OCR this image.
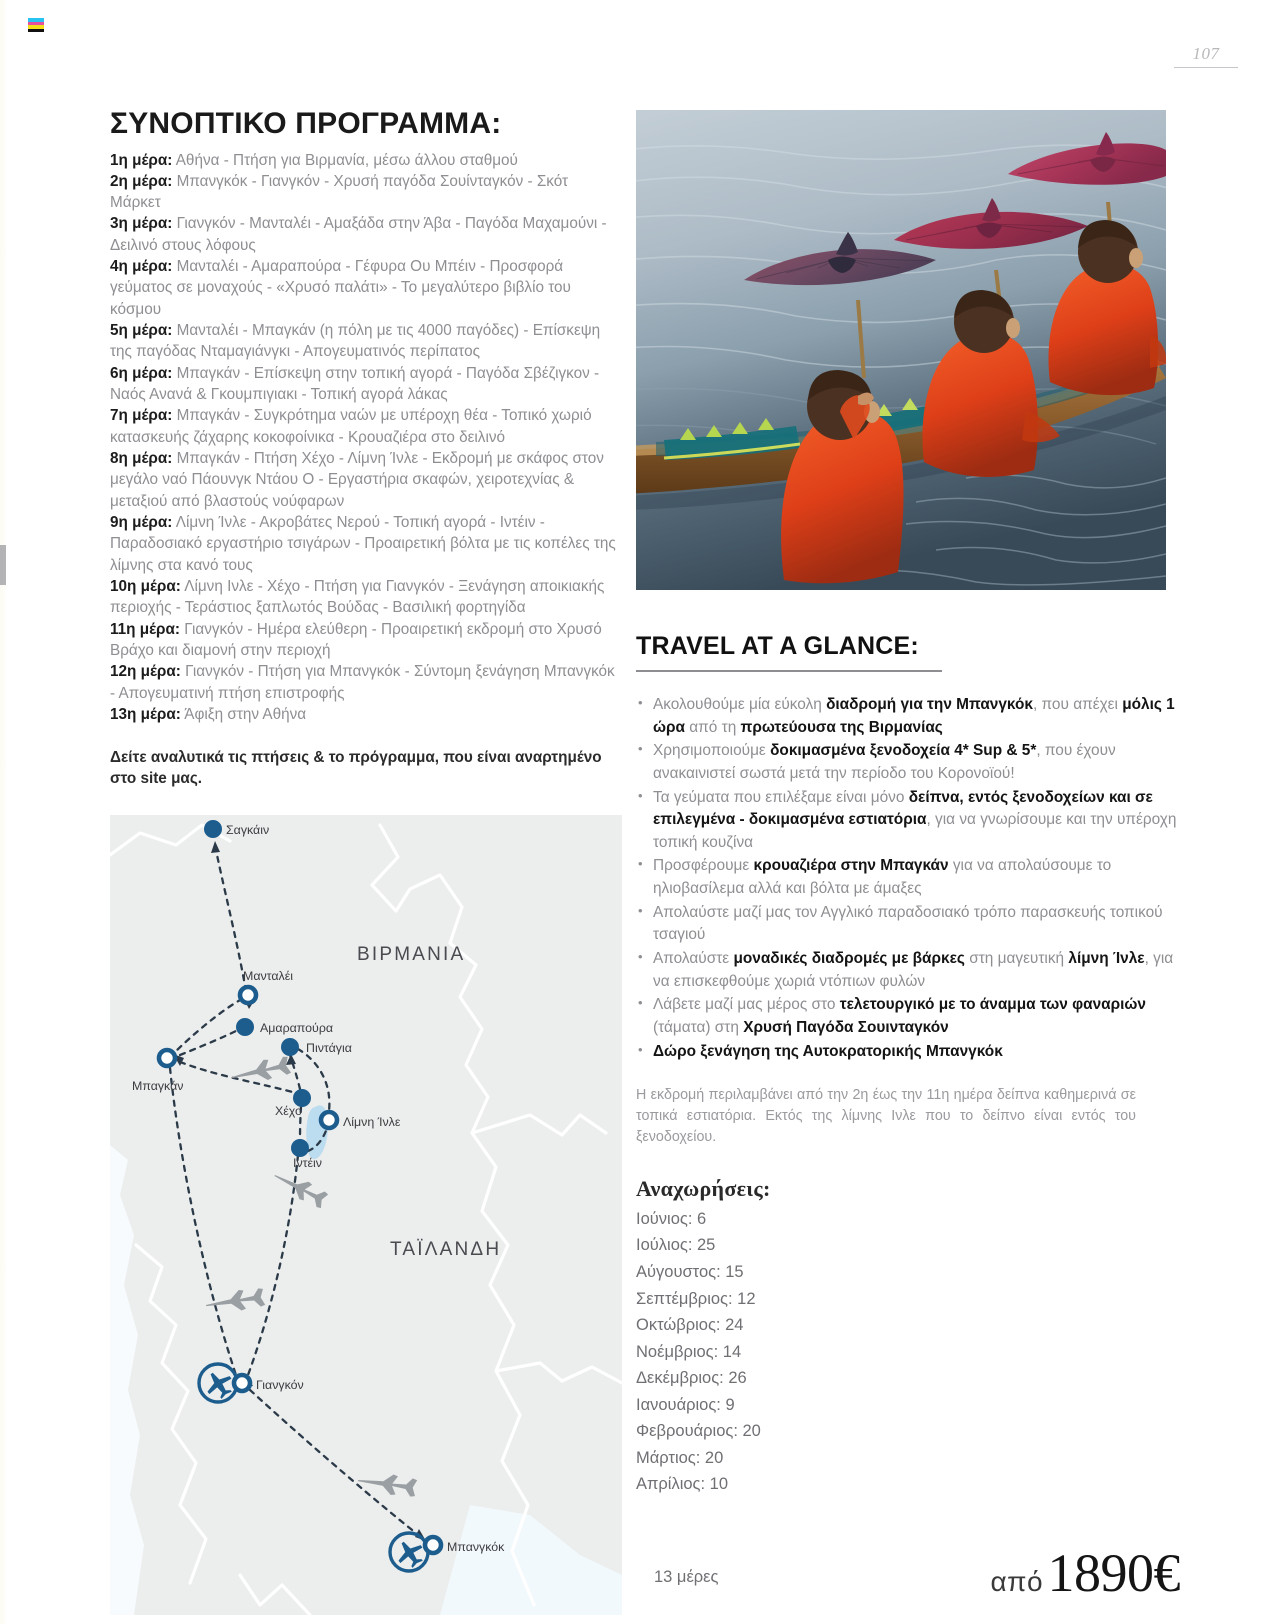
107
ΣΥΝΟΠΤΙΚΟ ΠΡΟΓΡΑΜΜΑ:

1η μέρα: Αθήνα - Πτήση για Βιρμανία, μέσω άλλου σταθμού

2η μέρα: Μπανγκόκ - Γιανγκόν - Χρυσή παγόδα Σουίνταγκόν - Σκότ Μάρκετ

3η μέρα: Γιανγκόν - Μανταλέι - Αμαξάδα στην Άβα - Παγόδα Μαχαμούνι - Δειλινό στους λόφους

4η μέρα: Μανταλέι - Αμαραπούρα - Γέφυρα Ου Μπέιν - Προσφορά γεύματος σε μοναχούς - «Χρυσό παλάτι» - Το μεγαλύτερο βιβλίο του κόσμου

5η μέρα: Μανταλέι - Μπαγκάν (η πόλη με τις 4000 παγόδες) - Επίσκεψη της παγόδας Νταμαγιάνγκι - Απογευματινός περίπατος

6η μέρα: Μπαγκάν - Επίσκεψη στην τοπική αγορά - Παγόδα Σβέζιγκον - Ναός Ανανά & Γκουμπιγιακι - Τοπική αγορά λάκας

7η μέρα: Μπαγκάν - Συγκρότημα ναών με υπέροχη θέα - Τοπικό χωριό κατασκευής ζάχαρης κοκοφοίνικα - Κρουαζιέρα στο δειλινό

8η μέρα: Μπαγκάν - Πτήση Χέχο - Λίμνη Ίνλε - Εκδρομή με σκάφος στον μεγάλο ναό Πάουνγκ Ντάου Ο - Εργαστήρια σκαφών, χειροτεχνίας & μεταξιού από βλαστούς νούφαρων

9η μέρα: Λίμνη Ίνλε - Ακροβάτες Νερού - Τοπική αγορά - Ιντέιν - Παραδοσιακό εργαστήριο τσιγάρων - Προαιρετική βόλτα με τις κοπέλες της λίμνης στα κανό τους

10η μέρα: Λίμνη Ινλε - Χέχο - Πτήση για Γιανγκόν - Ξενάγηση αποικιακής περιοχής - Τεράστιος ξαπλωτός Βούδας - Βασιλική φορτηγίδα

11η μέρα: Γιανγκόν - Ημέρα ελεύθερη - Προαιρετική εκδρομή στο Χρυσό Βράχο και διαμονή στην περιοχή

12η μέρα: Γιανγκόν - Πτήση για Μπανγκόκ - Σύντομη ξενάγηση Μπανγκόκ - Απογευματινή πτήση επιστροφής

13η μέρα: Άφιξη στην Αθήνα

Δείτε αναλυτικά τις πτήσεις & το πρόγραμμα, που είναι αναρτημένο στο site μας.
Σαγκάιν
Μανταλέι
Αμαραπούρα
Πιντάγια
Μπαγκάν
Χέχο
Λίμνη Ίνλε
Ιντέιν
Γιανγκόν
Μπανγκόκ
ΒΙΡΜΑΝΙΑ
ΤΑΪΛΑΝΔΗ
TRAVEL AT A GLANCE:
• Ακολουθούμε μία εύκολη διαδρομή για την Μπανγκόκ, που απέχει μόλις 1 ώρα από τη πρωτεύουσα της Βιρμανίας
• Χρησιμοποιούμε δοκιμασμένα ξενοδοχεία 4* Sup & 5*, που έχουν ανακαινιστεί σωστά μετά την περίοδο του Κορονοϊού!
• Τα γεύματα που επιλέξαμε είναι μόνο δείπνα, εντός ξενοδοχείων και σε επιλεγμένα - δοκιμασμένα εστιατόρια, για να γνωρίσουμε και την υπέροχη τοπική κουζίνα
• Προσφέρουμε κρουαζιέρα στην Μπαγκάν για να απολαύσουμε το ηλιοβασίλεμα αλλά και βόλτα με άμαξες
• Απολαύστε μαζί μας τον Αγγλικό παραδοσιακό τρόπο παρασκευής τοπικού τσαγιού
• Απολαύστε μοναδικές διαδρομές με βάρκες στη μαγευτική λίμνη Ίνλε, για να επισκεφθούμε χωριά ντόπιων φυλών
• Λάβετε μαζί μας μέρος στο τελετουργικό με το άναμμα των φαναριών (τάματα) στη Χρυσή Παγόδα Σουινταγκόν
• Δώρο ξενάγηση της Αυτοκρατορικής Μπανγκόκ

Η εκδρομή περιλαμβάνει από την 2η έως την 11η ημέρα δείπνα καθημερινά σε τοπικά εστιατόρια. Εκτός της λίμνης Ινλε που το δείπνο είναι εντός του ξενοδοχείου.

Αναχωρήσεις:
Ιούνιος: 6
Ιούλιος: 25
Αύγουστος: 15
Σεπτέμβριος: 12
Οκτώβριος: 24
Νοέμβριος: 14
Δεκέμβριος: 26
Ιανουάριος: 9
Φεβρουάριος: 20
Μάρτιος: 20
Απρίλιος: 10
13 μέρες	από 1890€
